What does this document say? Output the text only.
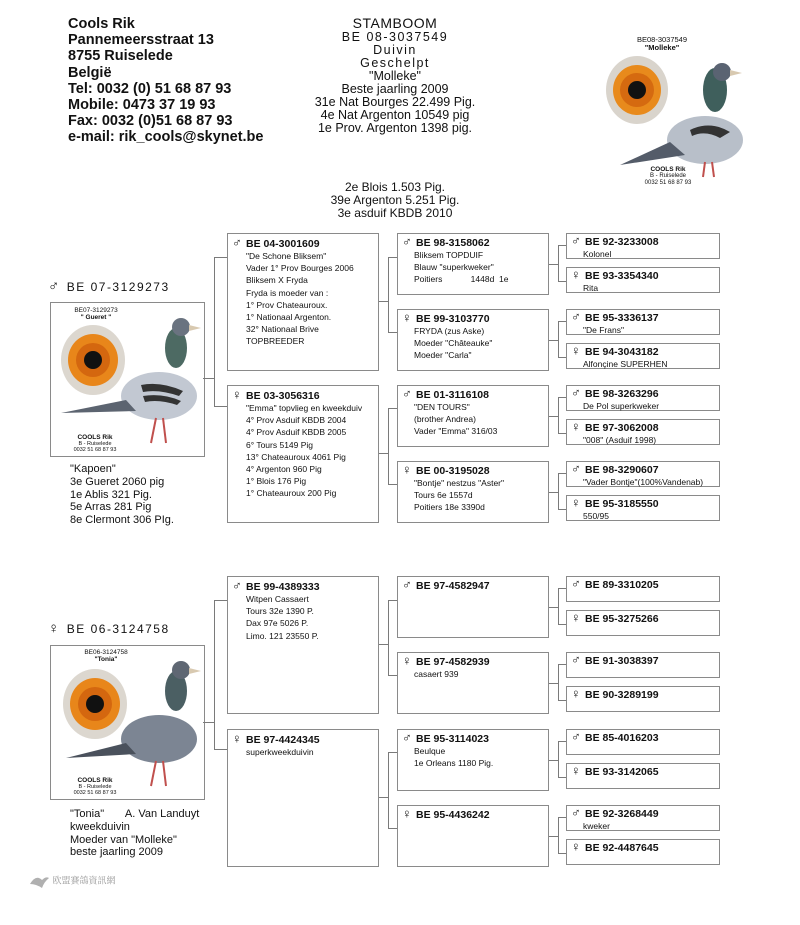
Cools Rik
Pannemeersstraat 13
8755 Ruiselede
België
Tel: 0032 (0) 51 68 87 93
Mobile: 0473 37 19 93
Fax: 0032 (0)51 68 87 93
e-mail: rik_cools@skynet.be
STAMBOOM
BE 08-3037549
Duivin
Geschelpt
"Molleke"
Beste jaarling 2009
31e Nat Bourges 22.499 Pig.
4e Nat Argenton 10549 pig
1e Prov. Argenton 1398 pig.
2e Blois 1.503 Pig.
39e Argenton 5.251 Pig.
3e asduif KBDB 2010
BE08-3037549
"Molleke"
COOLS Rik
B - Ruiselede
0032 51 68 87 93
♂ BE 07-3129273
BE07-3129273
" Gueret "
COOLS Rik
B - Ruiselede
0032 51 68 87 93
"Kapoen"
3e Gueret 2060 pig
1e Ablis 321 Pig.
5e Arras 281 Pig
8e Clermont 306 PIg.
♀ BE 06-3124758
BE06-3124758
"Tonia"
COOLS Rik
B - Ruiselede
0032 51 68 87 93
"Tonia"       A. Van Landuyt
kweekduivin
Moeder van "Molleke"
beste jaarling 2009
♂ BE 04-3001609
"De Schone Bliksem"
Vader 1° Prov Bourges 2006
Bliksem X Fryda
Fryda is moeder van :
1° Prov Chateauroux.
1° Nationaal Argenton.
32° Nationaal Brive
TOPBREEDER
♀ BE 03-3056316
"Emma" topvlieg en kweekduiv
4° Prov Asduif KBDB 2004
4° Prov Asduif KBDB 2005
6° Tours 5149 Pig
13° Chateauroux 4061 Pig
4° Argenton 960 Pig
1° Blois 176 Pig
1° Chateauroux 200 Pig
♂ BE 99-4389333
Witpen Cassaert
Tours 32e 1390 P.
Dax 97e 5026 P.
Limo. 121 23550 P.
♀ BE 97-4424345
superkweekduivin
♂ BE 98-3158062
Bliksem TOPDUIF
Blauw "superkweker"
Poitiers            1448d  1e
♀ BE 99-3103770
FRYDA (zus Aske)
Moeder "Châteauke"
Moeder "Carla"
♂ BE 01-3116108
"DEN TOURS"
(brother Andrea)
Vader "Emma" 316/03
♀ BE 00-3195028
"Bontje" nestzus "Aster"
Tours 6e 1557d
Poitiers 18e 3390d
♂ BE 97-4582947
♀ BE 97-4582939
casaert 939
♂ BE 95-3114023
Beulque
1e Orleans 1180 Pig.
♀ BE 95-4436242
♂ BE 92-3233008
Kolonel
♀ BE 93-3354340
Rita
♂ BE 95-3336137
"De Frans"
♀ BE 94-3043182
Alfonçine SUPERHEN
♂ BE 98-3263296
De Pol superkweker
♀ BE 97-3062008
"008" (Asduif 1998)
♂ BE 98-3290607
"Vader Bontje"(100%Vandenab)
♀ BE 95-3185550
550/95
♂ BE 89-3310205
♀ BE 95-3275266
♂ BE 91-3038397
♀ BE 90-3289199
♂ BE 85-4016203
♀ BE 93-3142065
♂ BE 92-3268449
kweker
♀ BE 92-4487645
欧盟賽鴿資訊網
